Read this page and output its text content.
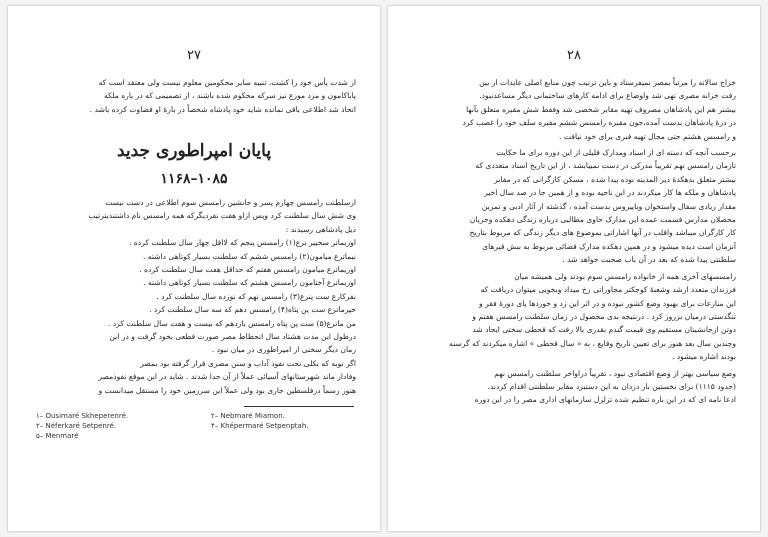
۲۷
از شدت یأس خود را کشت، تنبیه سایر محکومین معلوم نیست ولی معتقد است که
پاباکامون و مزد موزع نیز سرکه محکوم شده باشند ، از تصمیمی که در باره ملکه
اتخاذ شد اطلاعی باقی نمانده شاید خود پادشاه شخصاً در بارهٔ او قضاوت کرده باشد .
پایان امپراطوری جدید
۱۰۸۵–۱۱۶۸
ازسلطنت رامسس چهارم پسر و جانشین رامسس سوم اطلاعی در دست نیست
وی شش سال سلطنت کرد وپس ازاو هفت نفردیگرکه همه رامسس نام داشتندبترتیب
ذیل پادشاهی رسیدند :
اوزیماتر سخپیر نرع(۱) رامسس پنجم که لااقل چهار سال سلطنت کرده .
نبماترع میامون(۲) رامسس ششم که سلطنت بسیار کوتاهی داشته .
اوزیماترع میامون رامسس هفتم که حداقل هفت سال سلطنت کرده .
اوزیماترع آختامون رامسس هشتم که سلطنت بسیار کوتاهی داشته .
نفرکارع ست پنرع(۳) رامسس نهم که نوزده سال سلطنت کرد .
خپرماترع ست پن پتاه(۴) رامسس دهم که سه سال سلطنت کرد .
من ماترع(۵) ست پن پتاه رامسس یازدهم که بیست و هفت سال سلطنت کرد .
درطول این مدت هشتاد سال انحطاط مصر صورت قطعی بخود گرفت و در این
زمان دیگر سخنی از امپراطوری در میان نبود .
اگر نوبه که بکلی تحت نفوذ آداب و سنن مصری قرار گرفته بود بمصر
وفادار ماند شهرستانهای آسیائی عملاً از آن جدا شدند . شاید در این موقع نفوذمصر
هنوز رسماً درفلسطین جاری بود ولی عملاً این سرزمین خود را مستقل میدانست و
۱– Ousimaré Skheperenré.
۲– Néferkaré Setpenré.
۵– Menmaré
۲– Nebmaré Miamon.
۴– Khépermaré Setpenptah.
۲۸

خراج سالانه را مرتباً بمصر نمیفرستاد و باین ترتیب چون منابع اصلی عایدات از بین
رفت خزانه مصری تهی شد واوضاع برای ادامه کارهای ساختمانی دیگر مساعدنبود.
بیشتر هم این پادشاهان مصروف تهیه مقابر شخصی شد وفقط شش مقبره متعلق بآنها
در درهٔ پادشاهان بدست آمده،جون مقبره رامسس ششم مقبره سلف خود را غصب کرد
و رامسس هشتم حتی مجال تهیه قبری برای خود نیافت .

برحسب آنچه که دسته ای از اسناد ومدارک قلیلی از این دوره برای ما حکایت
تازمان رامسس نهم تقریباً مدرکی در دست نمییابشد ، از این تاریخ اسناد متعددی که
بیشتر متعلق بدهکدهٔ دیر المدینه بوده پیدا شده ، مسکن کارگرانی که در مقابر
پادشاهان و ملکه ها کار میکردند در این ناحیه بوده و از همین جا در صد سال اخیر
مقدار زیادی سفال واستخوان ویاپیروس بدست آمده ، گذشته از آثار ادبی و تمرین
محصلان مدارس قسمت عمده این مدارک حاوی مطالبی درباره زندگی دهکده وجریان
کار کارگران میباشد واقلب در آنها اشاراتی بموضوع های دیگر زندگی که مربوط بتاریخ
آنزمان است دیده میشود و در همین دهکده مدارک قضائی مربوط به نبش قبرهای
سلطنتی پیدا شده که بعد در آن باب صحبت خواهد شد .

رامسسهای آخری همه از خانواده رامسس سوم بودند ولی همیشه میان
فرزندان متعدد ارشد وشعبهٔ کوچکتر مجاوراتی رخ میداد وبخوبی میتوان دریافت که
این منازعات برای بهبود وضع کشور نبوده و در اثر این زد و خوردها پای دورهٔ فقر و
تنگدستی درمیان برروز کرد . درنتیجه بدی محصول در زمان سلطنت رامسس هفتم و
دوتن ازجانشینان مستقیم وی قیمت گندم بقدری بالا رفت که قحطی سختی ایجاد شد
وچندین سال بعد هنوز برای تعیین تاریخ وقایع ، به « سال قحطی » اشاره میکردند که گرسنه
بودند اشاره میشود .

وضع سیاسی بهتر از وضع اقتصادی نبود ، تقریباً دراواخر سلطنت رامسس نهم
(حدود ۱۱۱۵) برای نخستین بار دزدان به این دستبرد مقابر سلطنتی اقدام کردند.
ادعا نامه ای که در این باره تنظیم شده تزلزل سازمانهای اداری مصر را در این دوره
